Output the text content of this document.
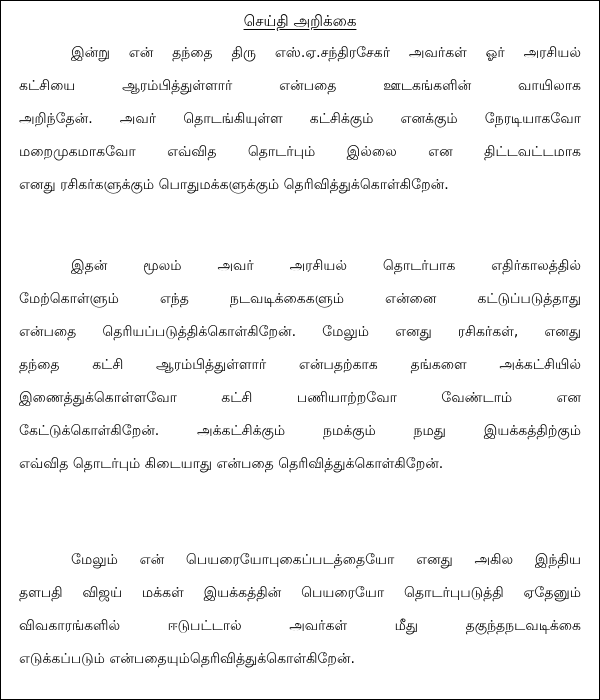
செய்தி அறிக்கை
இன்று என் தந்தை திரு எஸ்.ஏ.சந்திரசேகர் அவர்கள் ஓர் அரசியல்
கட்சியை ஆரம்பித்துள்ளார் என்பதை ஊடகங்களின் வாயிலாக
அறிந்தேன். அவர் தொடங்கியுள்ள கட்சிக்கும் எனக்கும் நேரடியாகவோ
மறைமுகமாகவோ எவ்வித தொடர்பும் இல்லை என திட்டவட்டமாக
எனது ரசிகர்களுக்கும் பொதுமக்களுக்கும் தெரிவித்துக்கொள்கிறேன்.
இதன் மூலம் அவர் அரசியல் தொடர்பாக எதிர்காலத்தில்
மேற்கொள்ளும் எந்த நடவடிக்கைகளும் என்னை கட்டுப்படுத்தாது
என்பதை தெரியப்படுத்திக்கொள்கிறேன். மேலும் எனது ரசிகர்கள், எனது
தந்தை கட்சி ஆரம்பித்துள்ளார் என்பதற்காக தங்களை அக்கட்சியில்
இணைத்துக்கொள்ளவோ கட்சி பணியாற்றவோ வேண்டாம் என
கேட்டுக்கொள்கிறேன். அக்கட்சிக்கும் நமக்கும் நமது இயக்கத்திற்கும்
எவ்வித தொடர்பும் கிடையாது என்பதை தெரிவித்துக்கொள்கிறேன்.
மேலும் என் பெயரையோபுகைப்படத்தையோ எனது அகில இந்திய
தளபதி விஜய் மக்கள் இயக்கத்தின் பெயரையோ தொடர்புபடுத்தி ஏதேனும்
விவகாரங்களில் ஈடுபட்டால் அவர்கள் மீது தகுந்தநடவடிக்கை
எடுக்கப்படும் என்பதையும்தெரிவித்துக்கொள்கிறேன்.
